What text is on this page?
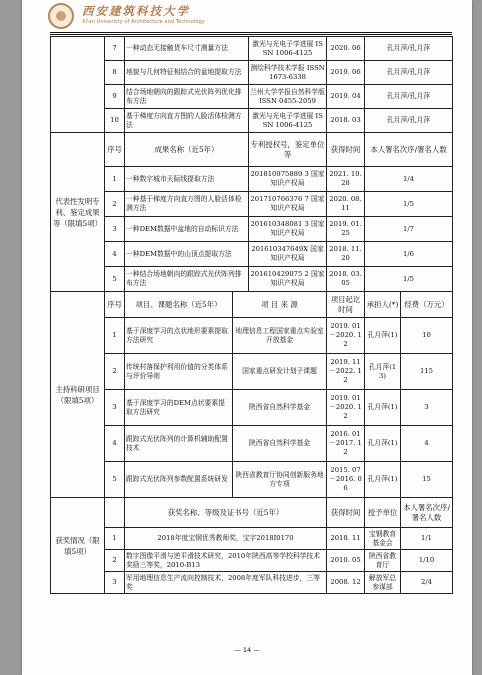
西安建筑科技大学
Xi'an University of Architecture and Technology
	7	一种动态无接触货车尺寸测量方法		激光与光电子学进展 ISSN 1006-4125	2020. 06	孔月萍/孔月萍	
	8	地貌与几何特征相结合的盆地提取方法		测绘科学技术学报 ISSN 1673-6338	2019. 06	孔月萍/孔月萍	
	9	结合场地朝向的跟踪式光伏阵列优化排布方法		兰州大学学报自然科学版 ISSN 0455-2059	2019. 04	孔月萍/孔月萍	
	10	基于梯度方向直方图的人脸活体检测方法		激光与光电子学进展 ISSN 1006-4125	2018. 03	孔月萍/孔月萍	
代表性发明专利、鉴定成果等（限填5项）	序号	成果名称（近5年）		专利授权号，鉴定单位等	获得时间	本人署名次序/署名人数	
	1	一种数字城市天际线提取方法		201810975889 3 国家知识产权局	2021. 10. 28	1/4	
	2	一种基于梯度方向直方图的人脸活体检测方法		201710766376 7 国家知识产权局	2020. 08. 11	1/5	
	3	一种DEM数据中盆地的自动标识方法		201610348081 3 国家知识产权局	2019. 01. 25	1/7	
	4	一种DEM数据中的山顶点提取方法		201610347649X 国家知识产权局	2018. 11. 20	1/6	
	5	一种结合场地朝向的跟踪式光伏阵列排布方法		201610429075 2 国家知识产权局	2018. 03. 05	1/5	
主持科研项目（限填5项）	序号	项目、课题名称（近5年）	项 目 来 源		项目起讫时间	承担人(*)	经费（万元）
	1	基于深度学习的点状地形要素提取方法研究	地理信息工程国家重点实验室开放基金		2019. 01－2020. 12	孔月萍(1)	10
	2	传统村落保护利用价值的分类体系与评价导则	国家重点研发计划子课题		2019. 11－2022. 12	孔月萍(13)	115
	3	基于深度学习的DEM点状要素提取方法研究	陕西省自然科学基金		2019. 01－2020. 12	孔月萍(1)	3
	4	跟踪式光伏阵列的计算机辅助配置技术	陕西省自然科学基金		2016. 01－2017. 12	孔月萍(1)	4
	5	跟踪式光伏阵列参数配置系统研发	陕西省教育厅协同创新服务地方专项		2015. 07－2016. 06	孔月萍(1)	15
获奖情况（限填5项）		获奖名称、等级及证书号（近5年）			获得时间	授予单位	本人署名次序/署名人数
	1	2018年度宝钢优秀教师奖，宝字2018I0170			2018. 11	宝钢教育基金会	1/1
	2	数字图像平滑与逆平滑技术研究，2010年陕西高等学校科学技术奖励三等奖，2010-B13			2010. 05	陕西省教育厅	1/10
	3	军用地理信息生产流向控制技术，2008年度军队科技进步，三等奖			2008. 12	解放军总参谋部	2/4
— 14 —
